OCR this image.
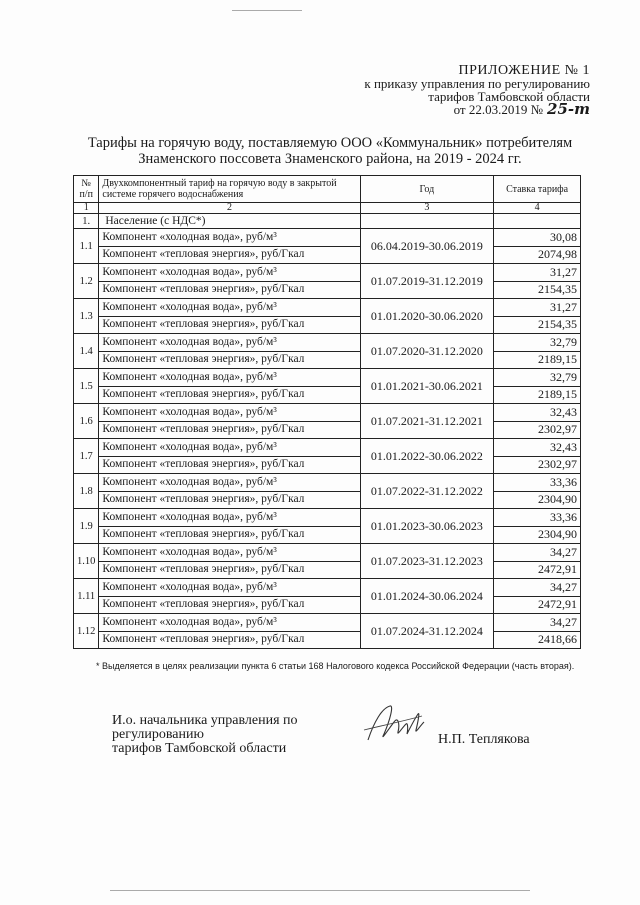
ПРИЛОЖЕНИЕ № 1
к приказу управления по регулированию
тарифов Тамбовской области
от 22.03.2019 № 25-т
Тарифы на горячую воду, поставляемую ООО «Коммунальник» потребителям
Знаменского поссовета Знаменского района, на 2019 - 2024 гг.
№ п/п	Двухкомпонентный тариф на горячую воду в закрытой системе горячего водоснабжения	Год	Ставка тарифа
1	2	3	4
1.	Население (с НДС*)		
1.1	Компонент «холодная вода», руб/м³	06.04.2019-30.06.2019	30,08
	Компонент «тепловая энергия», руб/Гкал		2074,98
1.2	Компонент «холодная вода», руб/м³	01.07.2019-31.12.2019	31,27
	Компонент «тепловая энергия», руб/Гкал		2154,35
1.3	Компонент «холодная вода», руб/м³	01.01.2020-30.06.2020	31,27
	Компонент «тепловая энергия», руб/Гкал		2154,35
1.4	Компонент «холодная вода», руб/м³	01.07.2020-31.12.2020	32,79
	Компонент «тепловая энергия», руб/Гкал		2189,15
1.5	Компонент «холодная вода», руб/м³	01.01.2021-30.06.2021	32,79
	Компонент «тепловая энергия», руб/Гкал		2189,15
1.6	Компонент «холодная вода», руб/м³	01.07.2021-31.12.2021	32,43
	Компонент «тепловая энергия», руб/Гкал		2302,97
1.7	Компонент «холодная вода», руб/м³	01.01.2022-30.06.2022	32,43
	Компонент «тепловая энергия», руб/Гкал		2302,97
1.8	Компонент «холодная вода», руб/м³	01.07.2022-31.12.2022	33,36
	Компонент «тепловая энергия», руб/Гкал		2304,90
1.9	Компонент «холодная вода», руб/м³	01.01.2023-30.06.2023	33,36
	Компонент «тепловая энергия», руб/Гкал		2304,90
1.10	Компонент «холодная вода», руб/м³	01.07.2023-31.12.2023	34,27
	Компонент «тепловая энергия», руб/Гкал		2472,91
1.11	Компонент «холодная вода», руб/м³	01.01.2024-30.06.2024	34,27
	Компонент «тепловая энергия», руб/Гкал		2472,91
1.12	Компонент «холодная вода», руб/м³	01.07.2024-31.12.2024	34,27
	Компонент «тепловая энергия», руб/Гкал		2418,66
* Выделяется в целях реализации пункта 6 статьи 168 Налогового кодекса Российской Федерации (часть вторая).
И.о. начальника управления по регулированию
тарифов Тамбовской области
Н.П. Теплякова
